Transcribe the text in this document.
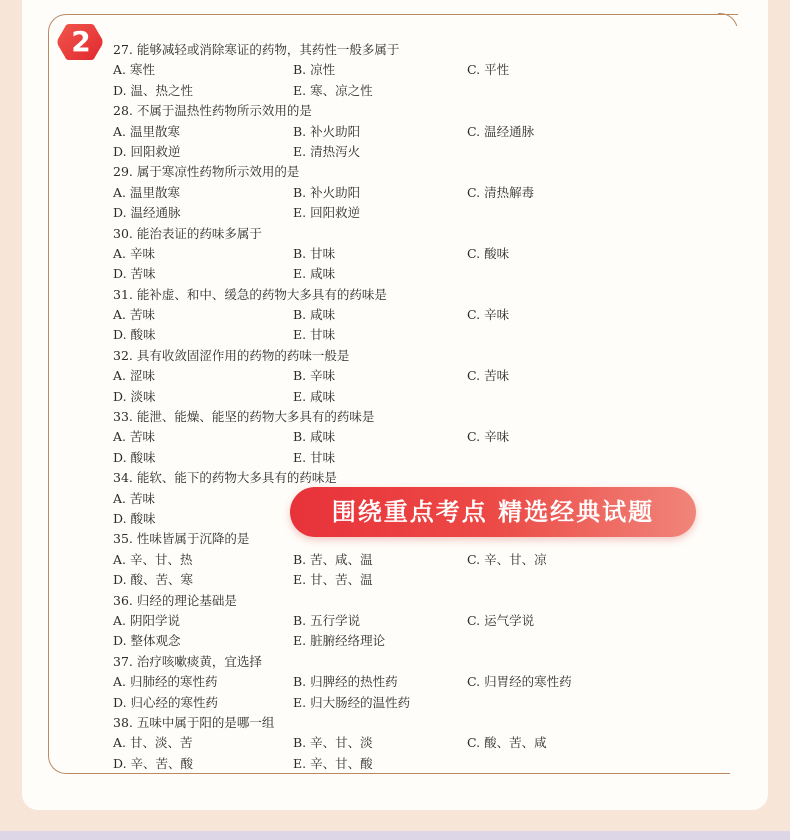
2	27. 能够减轻或消除寒证的药物，其药性一般多属于
A. 寒性	B. 凉性	C. 平性
D. 温、热之性	E. 寒、凉之性
28. 不属于温热性药物所示效用的是
A. 温里散寒	B. 补火助阳	C. 温经通脉
D. 回阳救逆	E. 清热泻火
29. 属于寒凉性药物所示效用的是
A. 温里散寒	B. 补火助阳	C. 清热解毒
D. 温经通脉	E. 回阳救逆
30. 能治表证的药味多属于
A. 辛味	B. 甘味	C. 酸味
D. 苦味	E. 咸味
31. 能补虚、和中、缓急的药物大多具有的药味是
A. 苦味	B. 咸味	C. 辛味
D. 酸味	E. 甘味
32. 具有收敛固涩作用的药物的药味一般是
A. 涩味	B. 辛味	C. 苦味
D. 淡味	E. 咸味
33. 能泄、能燥、能坚的药物大多具有的药味是
A. 苦味	B. 咸味	C. 辛味
D. 酸味	E. 甘味
34. 能软、能下的药物大多具有的药味是
A. 苦味
D. 酸味
35. 性味皆属于沉降的是
A. 辛、甘、热	B. 苦、咸、温	C. 辛、甘、凉
D. 酸、苦、寒	E. 甘、苦、温
36. 归经的理论基础是
A. 阴阳学说	B. 五行学说	C. 运气学说
D. 整体观念	E. 脏腑经络理论
37. 治疗咳嗽痰黄，宜选择
A. 归肺经的寒性药	B. 归脾经的热性药	C. 归胃经的寒性药
D. 归心经的寒性药	E. 归大肠经的温性药
38. 五味中属于阳的是哪一组
A. 甘、淡、苦	B. 辛、甘、淡	C. 酸、苦、咸
D. 辛、苦、酸	E. 辛、甘、酸
围绕重点考点 精选经典试题
